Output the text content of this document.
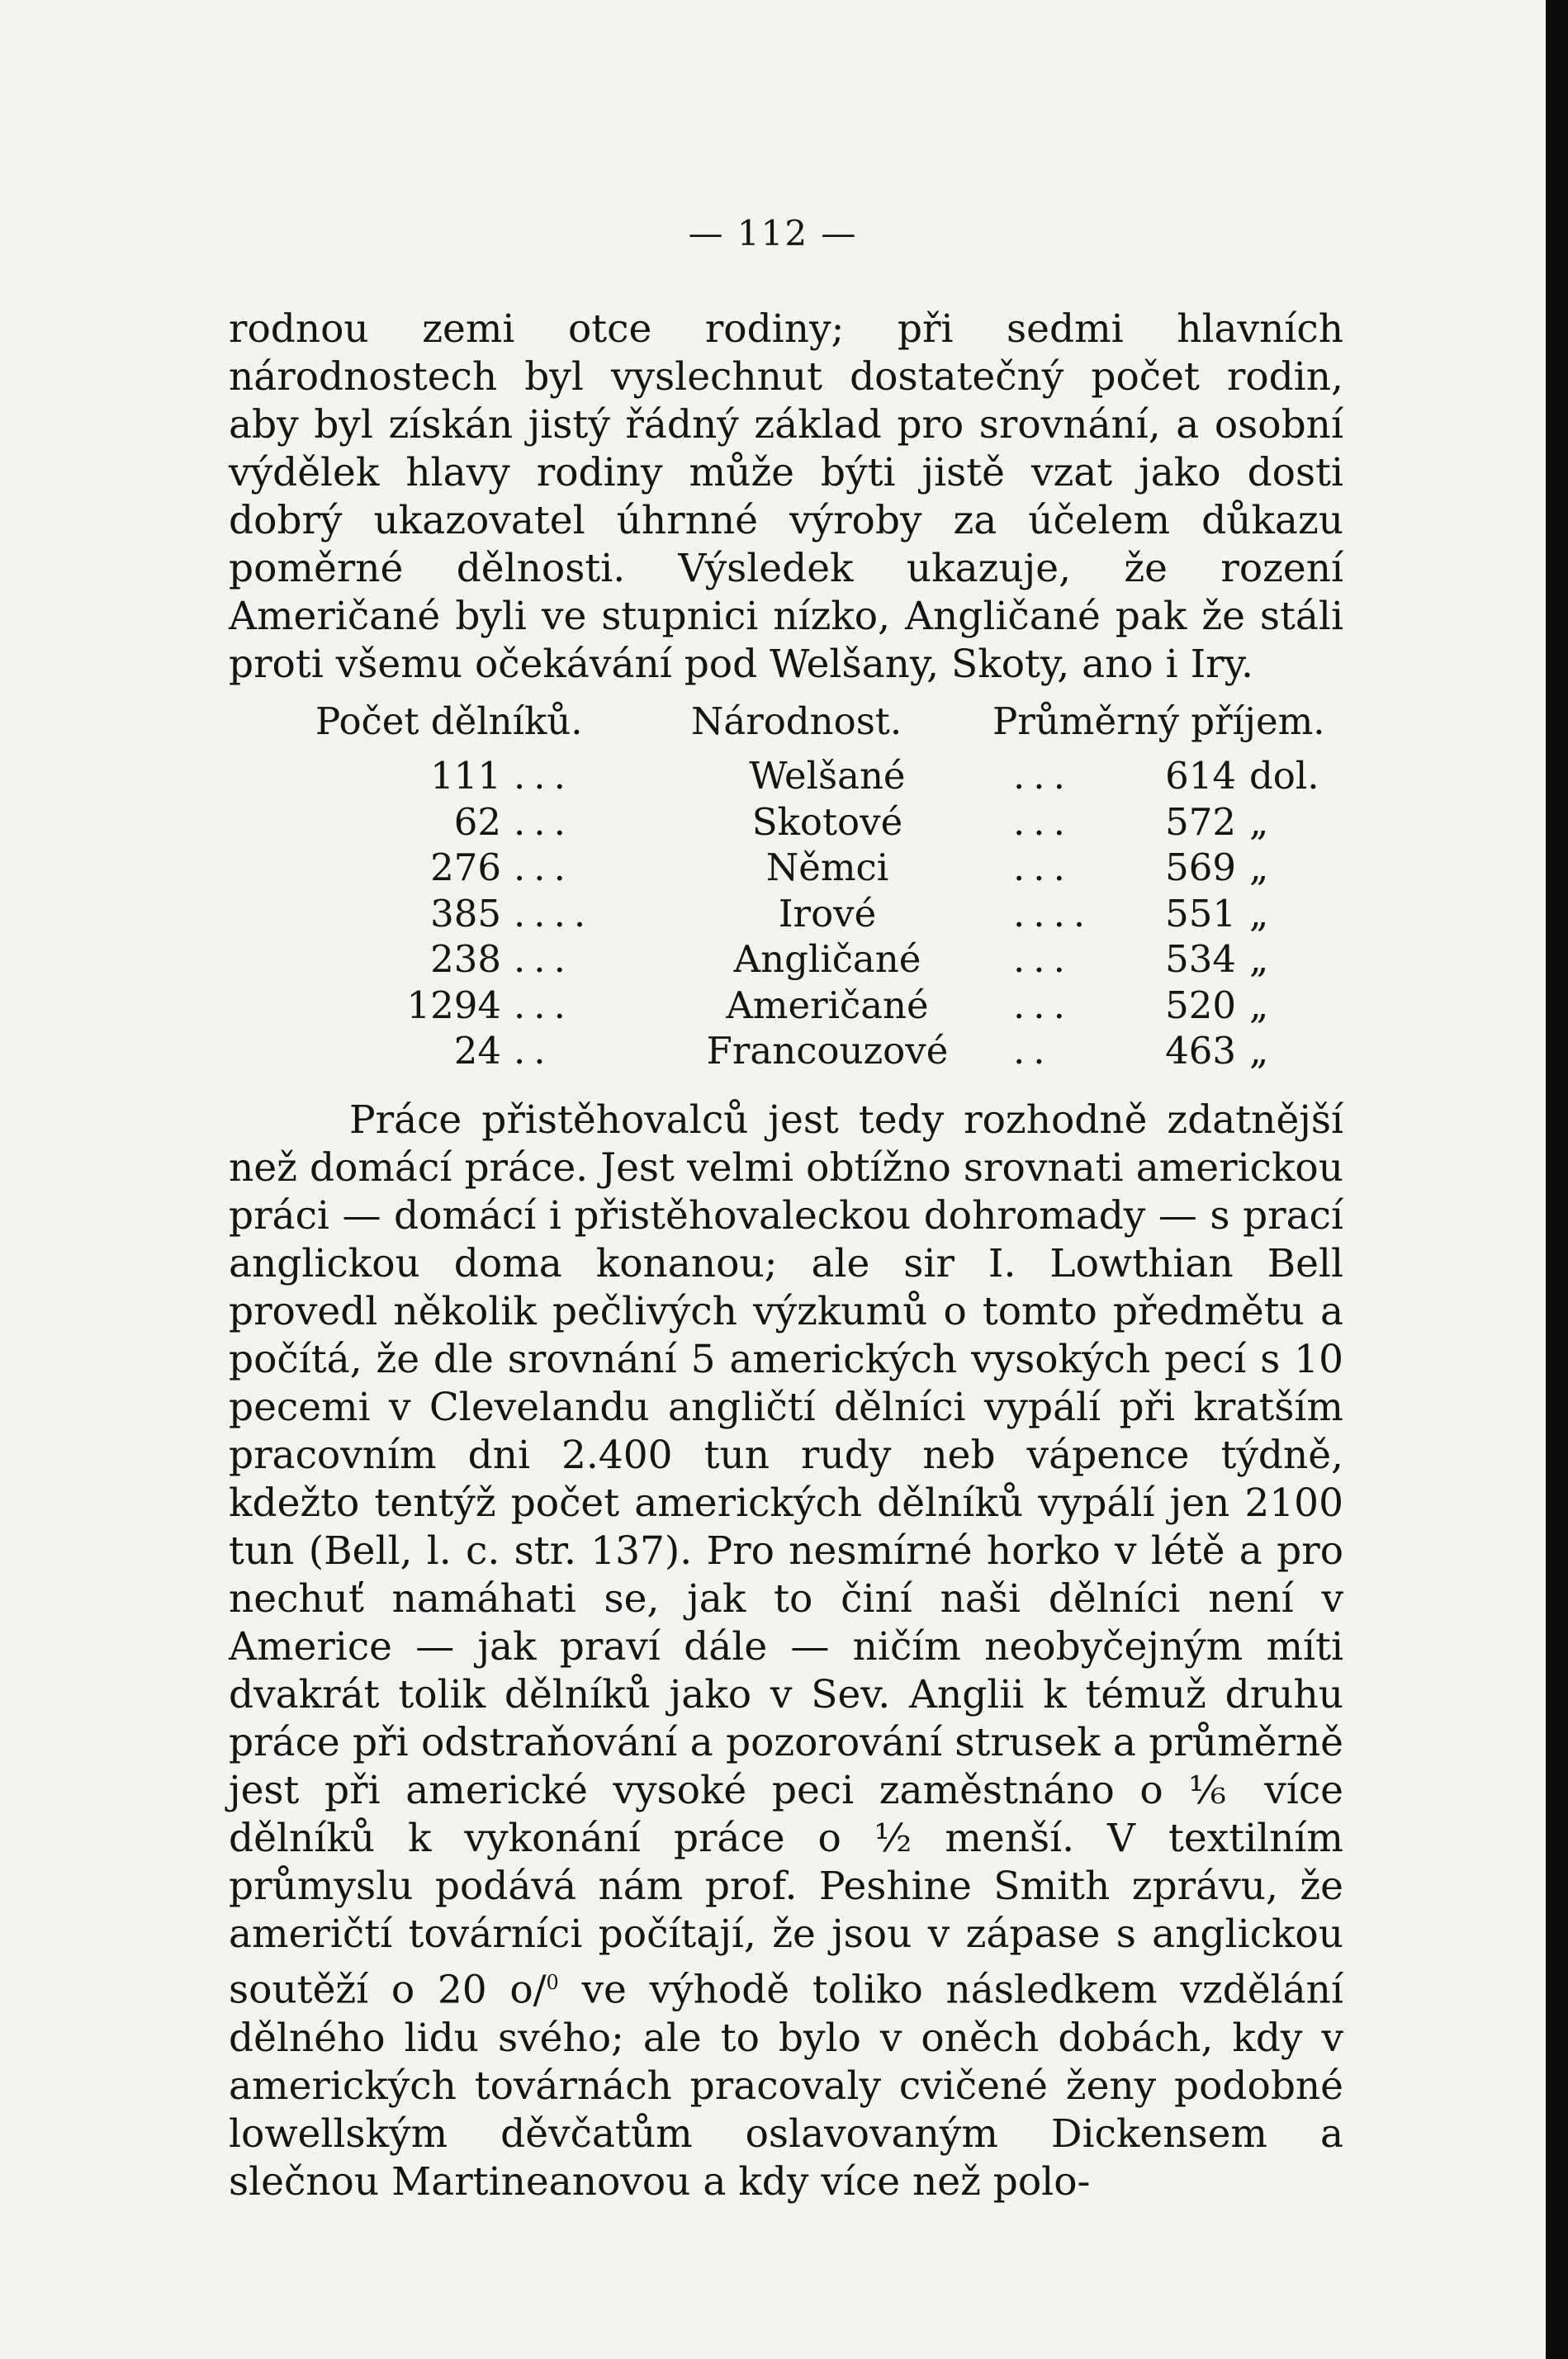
— 112 —
rodnou zemi otce rodiny; při sedmi hlavních národnostech byl vyslechnut dostatečný počet rodin, aby byl získán jistý řádný základ pro srovnání, a osobní výdělek hlavy rodiny může býti jistě vzat jako dosti dobrý ukazovatel úhrnné výroby za účelem důkazu poměrné dělnosti. Výsledek ukazuje, že rození Američané byli ve stupnici nízko, Angličané pak že stáli proti všemu očekávání pod Welšany, Skoty, ano i Iry.
Počet dělníků.	Národnost. Průměrný příjem.
111 ...	Welšané	...	614 dol.
62 ...	Skotové	...	572 „
276 ...	Němci	...	569 „
385 ....	Irové	....	551 „
238 ...	Angličané	...	534 „
1294 ...	Američané	...	520 „
24 ..	Francouzové	..	463 „
Práce přistěhovalců jest tedy rozhodně zdatnější než domácí práce. Jest velmi obtížno srovnati americkou práci — domácí i přistěhovaleckou dohromady — s prací anglickou doma konanou; ale sir I. Lowthian Bell provedl několik pečlivých výzkumů o tomto předmětu a počítá, že dle srovnání 5 amerických vysokých pecí s 10 pecemi v Clevelandu angličtí dělníci vypálí při kratším pracovním dni 2.400 tun rudy neb vápence týdně, kdežto tentýž počet amerických dělníků vypálí jen 2100 tun (Bell, l. c. str. 137). Pro nesmírné horko v létě a pro nechuť namáhati se, jak to činí naši dělníci není v Americe — jak praví dále — ničím neobyčejným míti dvakrát tolik dělníků jako v Sev. Anglii k témuž druhu práce při odstraňování a pozorování strusek a průměrně jest při americké vysoké peci zaměstnáno o ⅙ více dělníků k vykonání práce o ½ menší. V textilním průmyslu podává nám prof. Peshine Smith zprávu, že američtí továrníci počítají, že jsou v zápase s anglickou soutěží o 20 o/$^0$ ve výhodě toliko následkem vzdělání dělného lidu svého; ale to bylo v oněch dobách, kdy v amerických továrnách pracovaly cvičené ženy podobné lowellským děvčatům oslavovaným Dickensem a slečnou Martineanovou a kdy více než polo-
